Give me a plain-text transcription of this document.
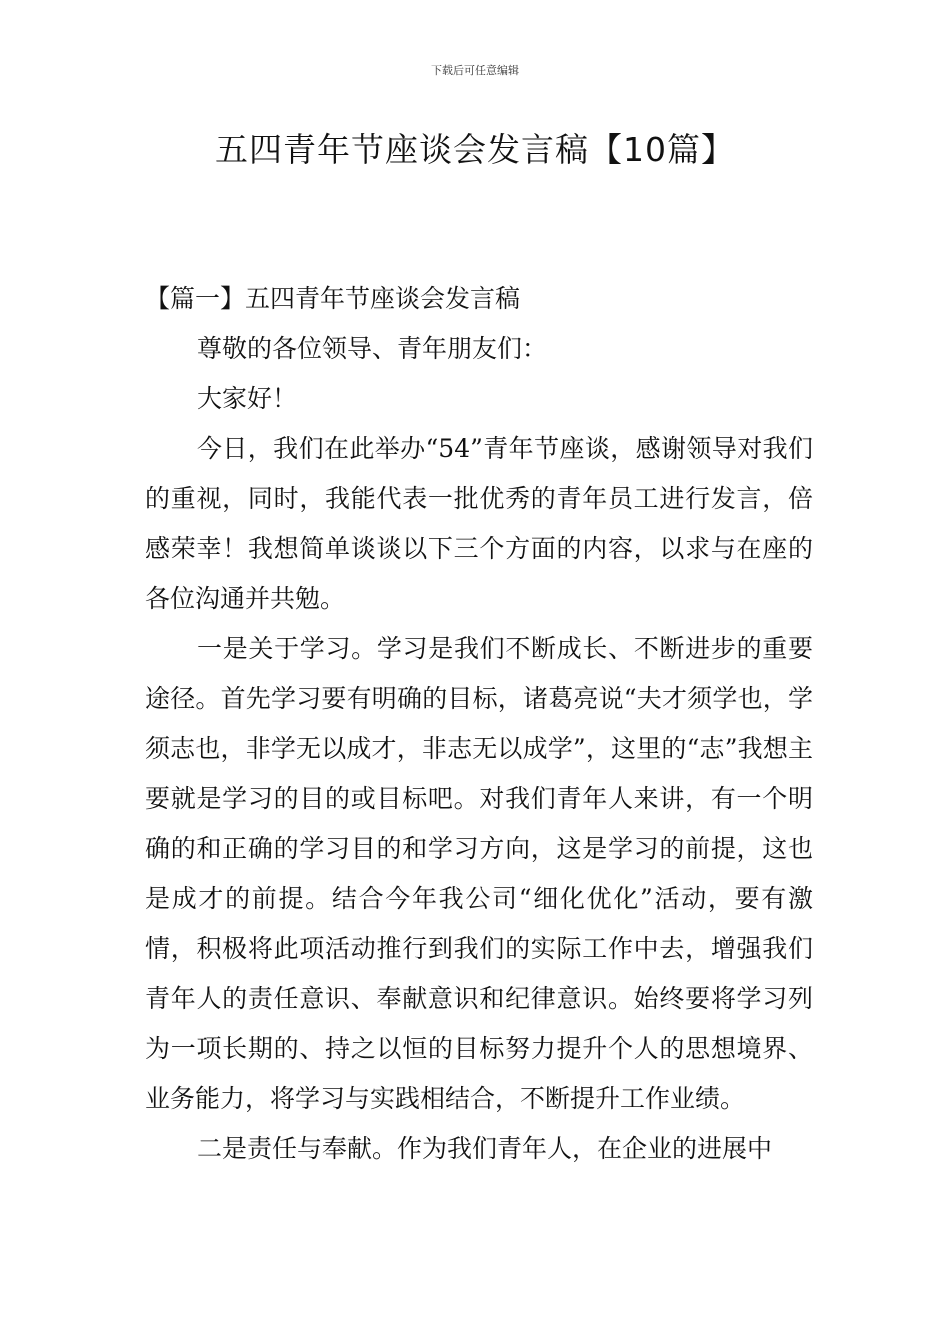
下载后可任意编辑
五四青年节座谈会发言稿【10篇】

【篇一】五四青年节座谈会发言稿

尊敬的各位领导、青年朋友们：

大家好！

今日，我们在此举办“54”青年节座谈，感谢领导对我们的重视，同时，我能代表一批优秀的青年员工进行发言，倍感荣幸！我想简单谈谈以下三个方面的内容，以求与在座的各位沟通并共勉。

一是关于学习。学习是我们不断成长、不断进步的重要途径。首先学习要有明确的目标，诸葛亮说“夫才须学也，学须志也，非学无以成才，非志无以成学”，这里的“志”我想主要就是学习的目的或目标吧。对我们青年人来讲，有一个明确的和正确的学习目的和学习方向，这是学习的前提，这也是成才的前提。结合今年我公司“细化优化”活动，要有激情，积极将此项活动推行到我们的实际工作中去，增强我们青年人的责任意识、奉献意识和纪律意识。始终要将学习列为一项长期的、持之以恒的目标努力提升个人的思想境界、业务能力，将学习与实践相结合，不断提升工作业绩。

二是责任与奉献。作为我们青年人，在企业的进展中
